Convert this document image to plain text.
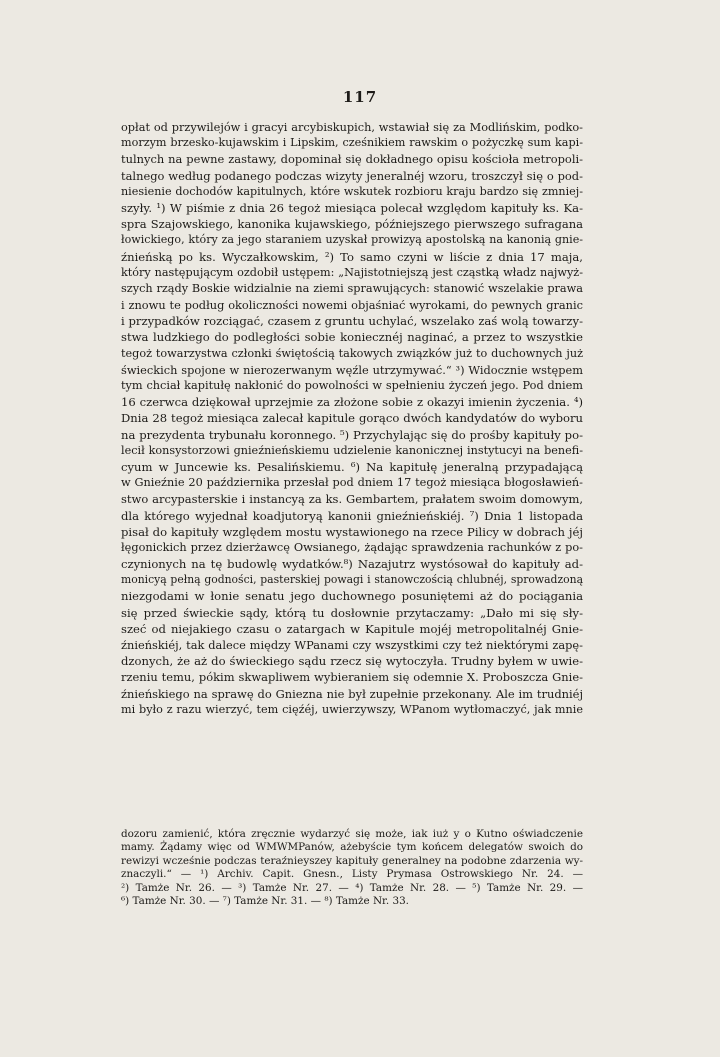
117
opłat od przywilejów i gracyi arcybiskupich, wstawiał się za Modlińskim, podko-
morzym brzesko-kujawskim i Lipskim, cześnikiem rawskim o pożyczkę sum kapi-
tulnych na pewne zastawy, dopominał się dokładnego opisu kościoła metropoli-
talnego według podanego podczas wizyty jeneralnéj wzoru, troszczył się o pod-
niesienie dochodów kapitulnych, które wskutek rozbioru kraju bardzo się zmniej-
szyły. ¹) W piśmie z dnia 26 tegoż miesiąca polecał względom kapituły ks. Ka-
spra Szajowskiego, kanonika kujawskiego, późniejszego pierwszego sufragana
łowickiego, który za jego staraniem uzyskał prowizyą apostolską na kanonią gnie-
źnieńską po ks. Wyczałkowskim, ²) To samo czyni w liście z dnia 17 maja,
który następującym ozdobił ustępem: „Najistotniejszą jest cząstką władz najwyż-
szych rządy Boskie widzialnie na ziemi sprawujących: stanowić wszelakie prawa
i znowu te podług okoliczności nowemi objaśniać wyrokami, do pewnych granic
i przypadków rozciągać, czasem z gruntu uchylać, wszelako zaś wolą towarzy-
stwa ludzkiego do podległości sobie koniecznéj naginać, a przez to wszystkie
tegoż towarzystwa członki świętością takowych związków już to duchownych już
świeckich spojone w nierozerwanym węźle utrzymywać.“ ³) Widocznie wstępem
tym chciał kapitułę nakłonić do powolności w spełnieniu życzeń jego. Pod dniem
16 czerwca dziękował uprzejmie za złożone sobie z okazyi imienin życzenia. ⁴)
Dnia 28 tegoż miesiąca zalecał kapitule gorąco dwóch kandydatów do wyboru
na prezydenta trybunału koronnego. ⁵) Przychylając się do prośby kapituły po-
lecił konsystorzowi gnieźnieńskiemu udzielenie kanonicznej instytucyi na benefi-
cyum w Juncewie ks. Pesalińskiemu. ⁶) Na kapitułę jeneralną przypadającą
w Gnieźnie 20 października przesłał pod dniem 17 tegoż miesiąca błogosławień-
stwo arcypasterskie i instancyą za ks. Gembartem, prałatem swoim domowym,
dla którego wyjednał koadjutoryą kanonii gnieźnieńskiéj. ⁷) Dnia 1 listopada
pisał do kapituły względem mostu wystawionego na rzece Pilicy w dobrach jéj
łęgonickich przez dzierżawcę Owsianego, żądając sprawdzenia rachunków z po-
czynionych na tę budowlę wydatków.⁸) Nazajutrz wystósował do kapituły ad-
monicyą pełną godności, pasterskiej powagi i stanowczością chlubnéj, sprowadzoną
niezgodami w łonie senatu jego duchownego posuniętemi aż do pociągania
się przed świeckie sądy, którą tu dosłownie przytaczamy: „Dało mi się sły-
szeć od niejakiego czasu o zatargach w Kapitule mojéj metropolitalnéj Gnie-
źnieńskiéj, tak dalece między WPanami czy wszystkimi czy też niektórymi zapę-
dzonych, że aż do świeckiego sądu rzecz się wytoczyła. Trudny byłem w uwie-
rzeniu temu, pókim skwapliwem wybieraniem się odemnie X. Proboszcza Gnie-
źnieńskiego na sprawę do Gniezna nie był zupełnie przekonany. Ale im trudniéj
mi było z razu wierzyć, tem cięźéj, uwierzywszy, WPanom wytłomaczyć, jak mnie
dozoru zamienić, która zręcznie wydarzyć się może, iak iuż y o Kutno oświadczenie
mamy. Żądamy więc od WMWMPanów, ażebyście tym końcem delegatów swoich do
rewizyi wcześnie podczas teraźnieyszey kapituły generalney na podobne zdarzenia wy-
znaczyli.“ — ¹) Archiv. Capit. Gnesn., Listy Prymasa Ostrowskiego Nr. 24. —
²) Tamże Nr. 26. — ³) Tamże Nr. 27. — ⁴) Tamże Nr. 28. — ⁵) Tamże Nr. 29. —
⁶) Tamże Nr. 30. — ⁷) Tamże Nr. 31. — ⁸) Tamże Nr. 33.
